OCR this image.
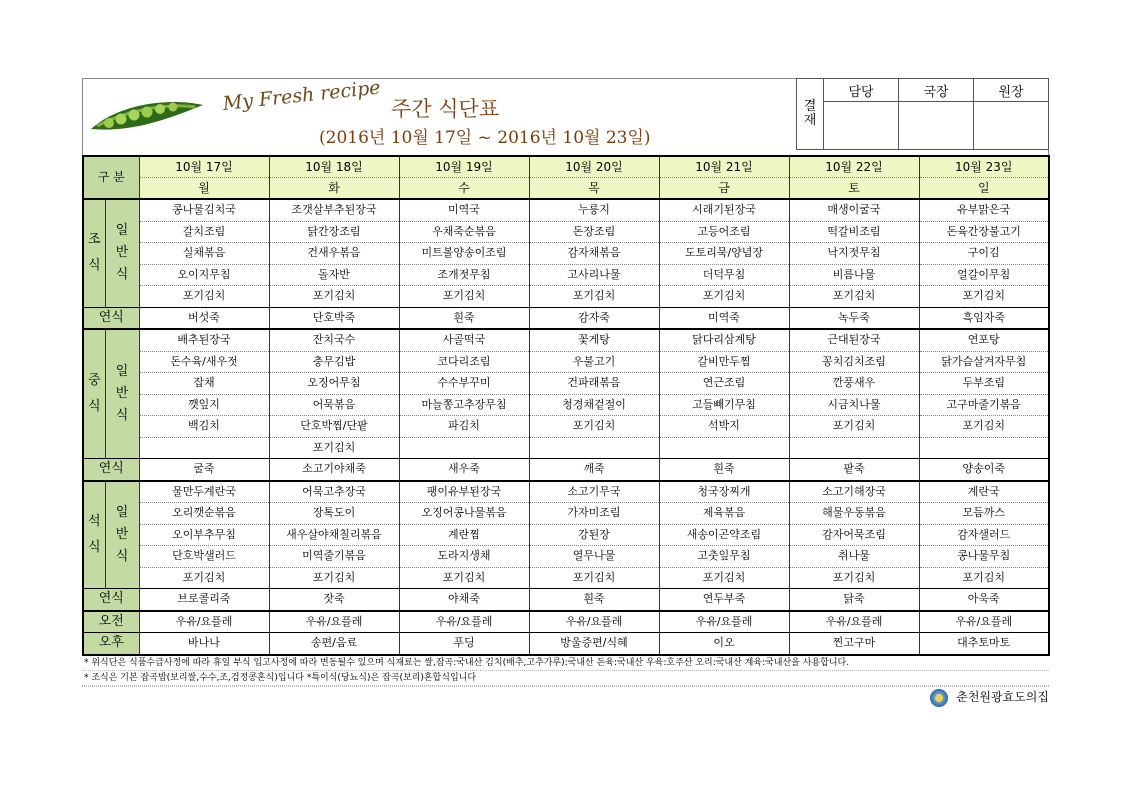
My Fresh recipe 주간 식단표
(2016년 10월 17일 ~ 2016년 10월 23일)
결 재	담당	국장	원장

구 분		10월 17일	10월 18일	10월 19일	10월 20일	10월 21일	10월 22일	10월 23일
		월	화	수	목	금	토	일
조식	일반식	콩나물김치국	조갯살부추된장국	미역국	누룽지	시래기된장국	매생이굴국	유부맑은국
		갈치조림	닭간장조림	우채죽순볶음	돈장조림	고등어조림	떡갈비조림	돈육간장불고기
		실채볶음	건새우볶음	미트볼양송이조림	감자채볶음	도토리묵/양념장	낙지젓무침	구이김
		오이지무침	돌자반	조개젓무침	고사리나물	더덕무침	비름나물	얼갈이무침
		포기김치	포기김치	포기김치	포기김치	포기김치	포기김치	포기김치
연식		버섯죽	단호박죽	흰죽	감자죽	미역죽	녹두죽	흑임자죽
중식	일반식	배추된장국	잔치국수	사골떡국	꽃게탕	닭다리삼계탕	근대된장국	연포탕
		돈수육/새우젓	충무김밥	코다리조림	우불고기	갈비만두찜	꽁치김치조림	닭가슴살겨자무침
		잡채	오징어무침	수수부꾸미	건파래볶음	연근조림	깐풍새우	두부조림
		깻잎지	어묵볶음	마늘쫑고추장무침	청경채겉절이	고들빼기무침	시금치나물	고구마줄기볶음
		백김치	단호박찜/단팥	파김치	포기김치	석박지	포기김치	포기김치
			포기김치					
연식		굴죽	소고기야채죽	새우죽	깨죽	흰죽	팥죽	양송이죽
석식	일반식	물만두계란국	어묵고추장국	팽이유부된장국	소고기무국	청국장찌개	소고기해장국	계란국
		오리깻순볶음	장톡도이	오징어콩나물볶음	가자미조림	제육볶음	해물우동볶음	모듬까스
		오이부추무침	새우살야채칠리볶음	계란찜	강된장	새송이곤약조림	감자어묵조림	감자샐러드
		단호박샐러드	미역줄기볶음	도라지생채	열무나물	고춧잎무침	취나물	콩나물무침
		포기김치	포기김치	포기김치	포기김치	포기김치	포기김치	포기김치
연식		브로콜리죽	잣죽	야채죽	흰죽	연두부죽	닭죽	아욱죽
오전		우유/요플레	우유/요플레	우유/요플레	우유/요플레	우유/요플레	우유/요플레	우유/요플레
오후		바나나	송편/음료	푸딩	방울증편/식혜	이오	찐고구마	대추토마토
* 위식단은 식품수급사정에 따라 휴일 부식 입고사정에 따라 변동될수 있으며 식재료는 쌀,잡곡:국내산 김치(배추,고추가루):국내산 돈육:국내산 우육:호주산 오리:국내산 계육:국내산을 사용합니다.
* 조식은 기본 잡곡밥(보리쌀,수수,조,검정콩혼식)입니다 *특이식(당뇨식)은 잡곡(보리)혼합식입니다
춘천원광효도의집
